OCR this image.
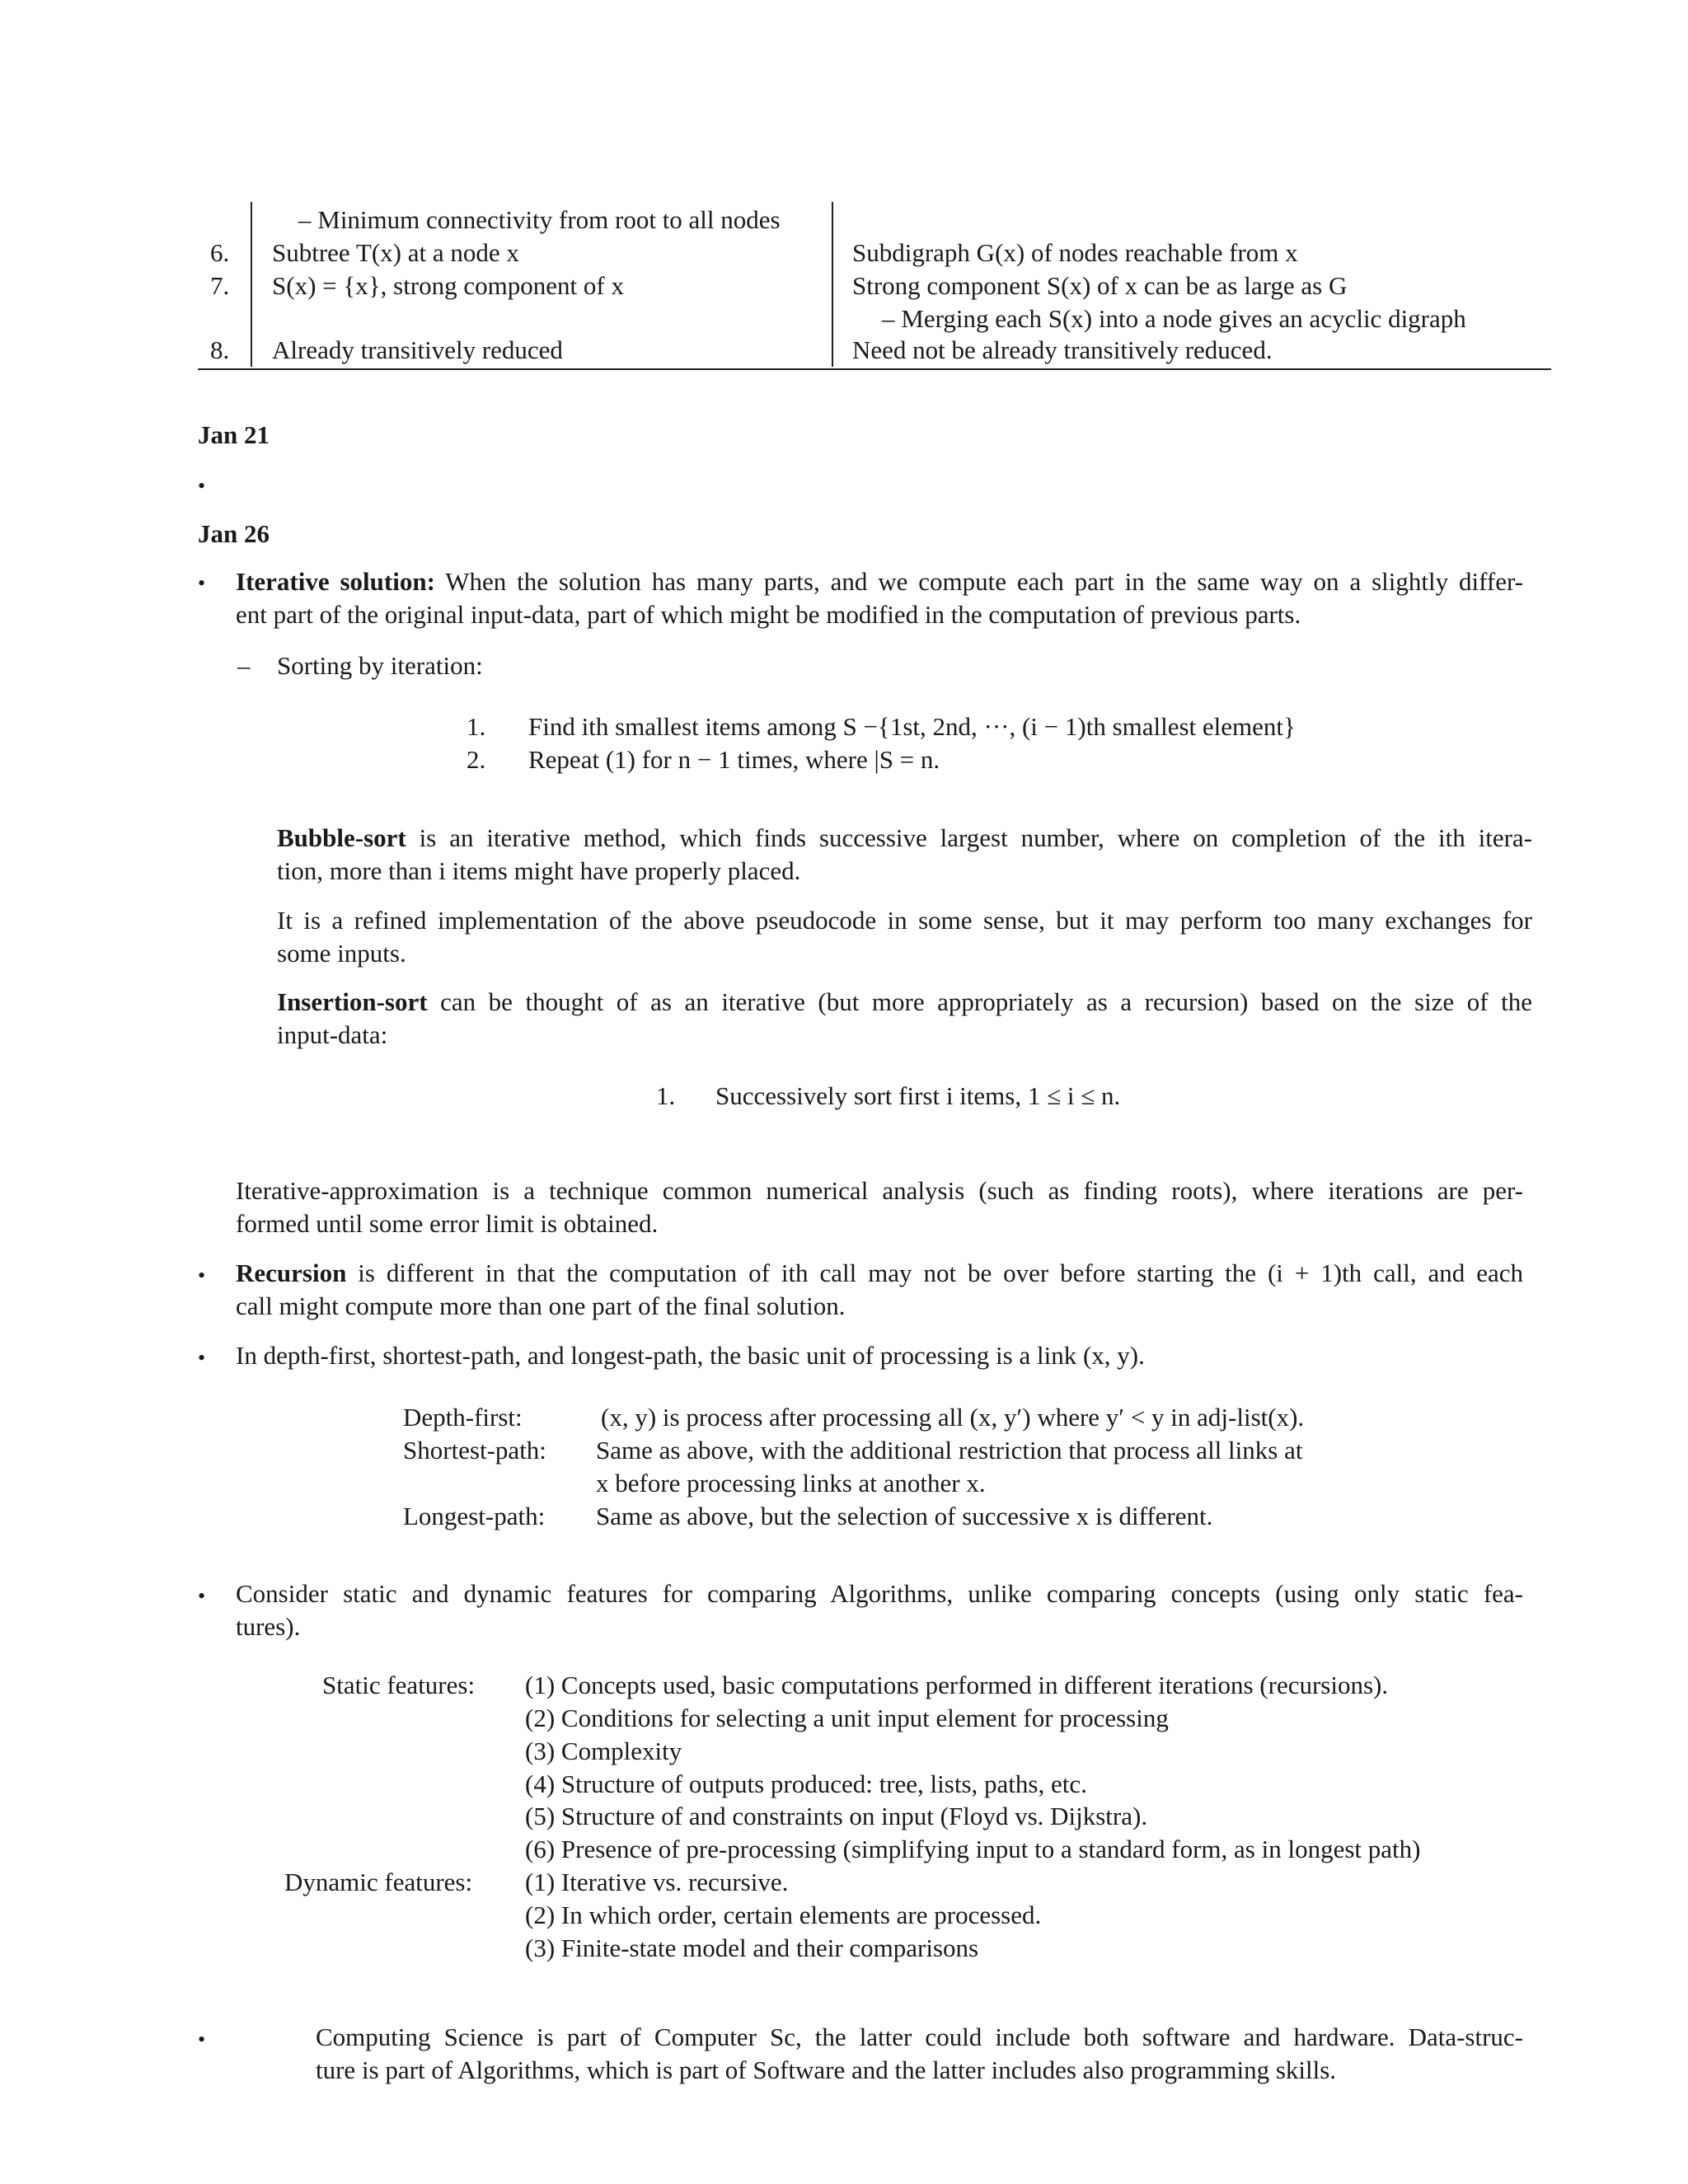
– Minimum connectivity from root to all nodes
6. Subtree T(x) at a node x	Subdigraph G(x) of nodes reachable from x
7. S(x) = {x}, strong component of x	Strong component S(x) of x can be as large as G
– Merging each S(x) into a node gives an acyclic digraph
8. Already transitively reduced	Need not be already transitively reduced.
Jan 21
•
Jan 26
• Iterative solution: When the solution has many parts, and we compute each part in the same way on a slightly differ-
ent part of the original input-data, part of which might be modified in the computation of previous parts.
– Sorting by iteration:
1. Find ith smallest items among S −{1st, 2nd, ···, (i − 1)th smallest element}
2. Repeat (1) for n − 1 times, where |S = n.
Bubble-sort is an iterative method, which finds successive largest number, where on completion of the ith itera-
tion, more than i items might have properly placed.
It is a refined implementation of the above pseudocode in some sense, but it may perform too many exchanges for
some inputs.
Insertion-sort can be thought of as an iterative (but more appropriately as a recursion) based on the size of the
input-data:
1. Successively sort first i items, 1 ≤ i ≤ n.
Iterative-approximation is a technique common numerical analysis (such as finding roots), where iterations are per-
formed until some error limit is obtained.
• Recursion is different in that the computation of ith call may not be over before starting the (i + 1)th call, and each
call might compute more than one part of the final solution.
• In depth-first, shortest-path, and longest-path, the basic unit of processing is a link (x, y).
Depth-first:	(x, y) is process after processing all (x, y′) where y′ < y in adj-list(x).
Shortest-path: Same as above, with the additional restriction that process all links at
x before processing links at another x.
Longest-path: Same as above, but the selection of successive x is different.
• Consider static and dynamic features for comparing Algorithms, unlike comparing concepts (using only static fea-
tures).
Static features: (1) Concepts used, basic computations performed in different iterations (recursions).
(2) Conditions for selecting a unit input element for processing
(3) Complexity
(4) Structure of outputs produced: tree, lists, paths, etc.
(5) Structure of and constraints on input (Floyd vs. Dijkstra).
(6) Presence of pre-processing (simplifying input to a standard form, as in longest path)
Dynamic features: (1) Iterative vs. recursive.
(2) In which order, certain elements are processed.
(3) Finite-state model and their comparisons
•	Computing Science is part of Computer Sc, the latter could include both software and hardware. Data-struc-
ture is part of Algorithms, which is part of Software and the latter includes also programming skills.
